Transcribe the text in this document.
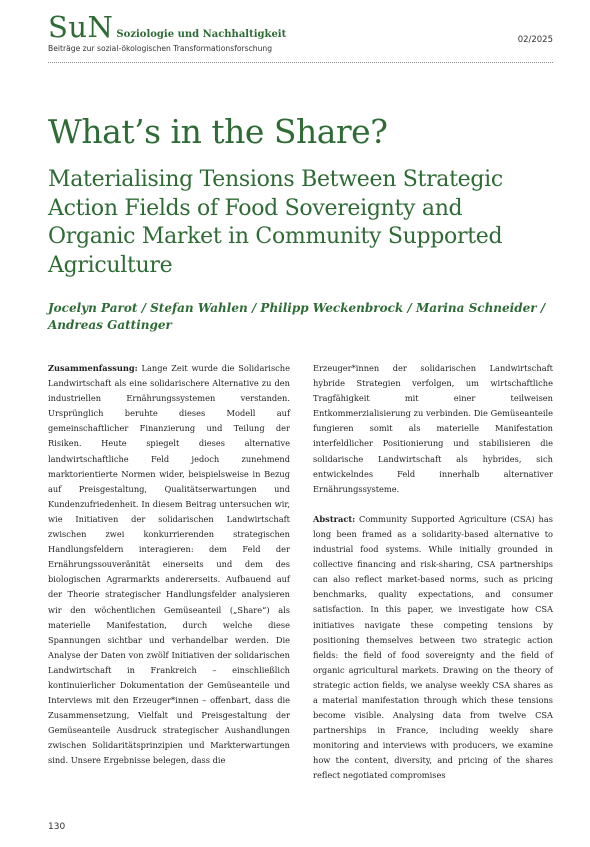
SuN Soziologie und Nachhaltigkeit
Beiträge zur sozial-ökologischen Transformationsforschung
02/2025
What’s in the Share?
Materialising Tensions Between Strategic Action Fields of Food Sovereignty and Organic Market in Community Supported Agriculture
Jocelyn Parot / Stefan Wahlen / Philipp Weckenbrock / Marina Schneider / Andreas Gattinger

Zusammenfassung: Lange Zeit wurde die Solidarische Landwirtschaft als eine solidarischere Alternative zu den industriellen Ernährungssystemen verstanden. Ursprünglich beruhte dieses Modell auf gemeinschaftlicher Finanzierung und Teilung der Risiken. Heute spiegelt dieses alternative landwirtschaftliche Feld jedoch zunehmend marktorientierte Normen wider, beispielsweise in Bezug auf Preisgestaltung, Qualitätserwartungen und Kundenzufriedenheit. In diesem Beitrag untersuchen wir, wie Initiativen der solidarischen Landwirtschaft zwischen zwei konkurrierenden strategischen Handlungsfeldern interagieren: dem Feld der Ernährungssouveränität einerseits und dem des biologischen Agrarmarkts andererseits. Aufbauend auf der Theorie strategischer Handlungsfelder analysieren wir den wöchentlichen Gemüseanteil („Share“) als materielle Manifestation, durch welche diese Spannungen sichtbar und verhandelbar werden. Die Analyse der Daten von zwölf Initiativen der solidarischen Landwirtschaft in Frankreich – einschließlich kontinuierlicher Dokumentation der Gemüseanteile und Interviews mit den Erzeuger*innen – offenbart, dass die Zusammensetzung, Vielfalt und Preisgestaltung der Gemüseanteile Ausdruck strategischer Aushandlungen zwischen Solidaritätsprinzipien und Markterwartungen sind. Unsere Ergebnisse belegen, dass die

Erzeuger*innen der solidarischen Landwirtschaft hybride Strategien verfolgen, um wirtschaftliche Tragfähigkeit mit einer teilweisen Entkommerzialisierung zu verbinden. Die Gemüseanteile fungieren somit als materielle Manifestation interfeldlicher Positionierung und stabilisieren die solidarische Landwirtschaft als hybrides, sich entwickelndes Feld innerhalb alternativer Ernährungssysteme.

Abstract: Community Supported Agriculture (CSA) has long been framed as a solidarity-based alternative to industrial food systems. While initially grounded in collective financing and risk-sharing, CSA partnerships can also reflect market-based norms, such as pricing benchmarks, quality expectations, and consumer satisfaction. In this paper, we investigate how CSA initiatives navigate these competing tensions by positioning themselves between two strategic action fields: the field of food sovereignty and the field of organic agricultural markets. Drawing on the theory of strategic action fields, we analyse weekly CSA shares as a material manifestation through which these tensions become visible. Analysing data from twelve CSA partnerships in France, including weekly share monitoring and interviews with producers, we examine how the content, diversity, and pricing of the shares reflect negotiated compromises

130
